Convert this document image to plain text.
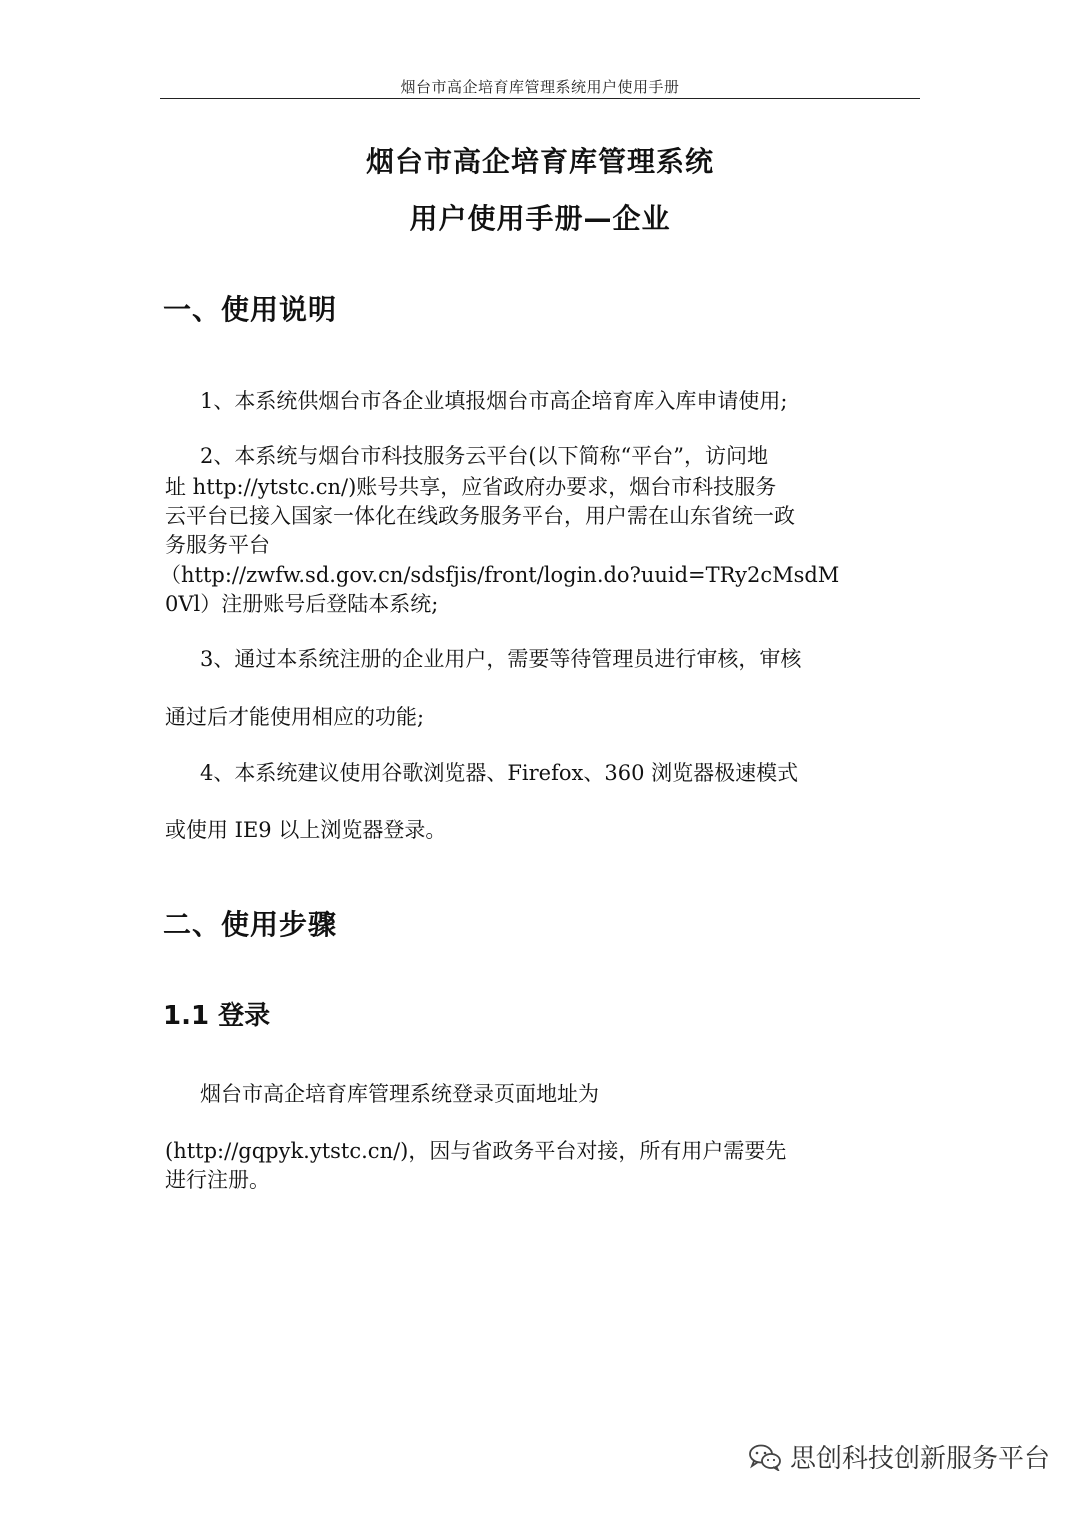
烟台市高企培育库管理系统用户使用手册
烟台市高企培育库管理系统
用户使用手册—企业
一、使用说明
1、本系统供烟台市各企业填报烟台市高企培育库入库申请使用;
2、本系统与烟台市科技服务云平台(以下简称“平台”，访问地
址 http://ytstc.cn/)账号共享，应省政府办要求，烟台市科技服务
云平台已接入国家一体化在线政务服务平台，用户需在山东省统一政
务服务平台
（http://zwfw.sd.gov.cn/sdsfjis/front/login.do?uuid=TRy2cMsdM
0Vl）注册账号后登陆本系统;
3、通过本系统注册的企业用户，需要等待管理员进行审核，审核
通过后才能使用相应的功能;
4、本系统建议使用谷歌浏览器、Firefox、360 浏览器极速模式
或使用 IE9 以上浏览器登录。
二、使用步骤
1.1 登录
烟台市高企培育库管理系统登录页面地址为
(http://gqpyk.ytstc.cn/)，因与省政务平台对接，所有用户需要先
进行注册。
思创科技创新服务平台
